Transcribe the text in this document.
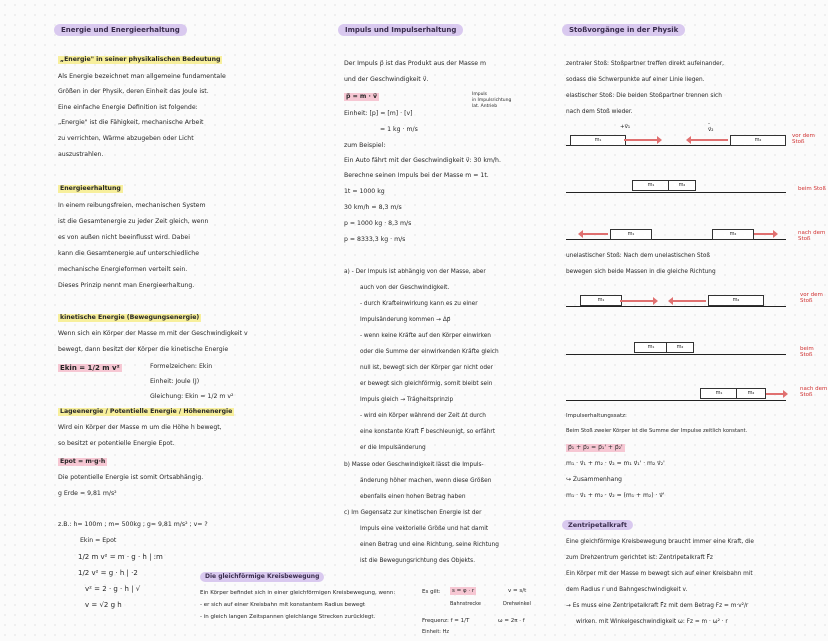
Energie und Energieerhaltung
„Energie" in seiner physikalischen Bedeutung
Als Energie bezeichnet man allgemeine fundamentale
Größen in der Physik, deren Einheit das Joule ist.
Eine einfache Energie Definition ist folgende:
„Energie" ist die Fähigkeit, mechanische Arbeit
zu verrichten, Wärme abzugeben oder Licht
auszustrahlen.
Energieerhaltung
In einem reibungsfreien, mechanischen System
ist die Gesamtenergie zu jeder Zeit gleich, wenn
es von außen nicht beeinflusst wird. Dabei
kann die Gesamtenergie auf unterschiedliche
mechanische Energieformen verteilt sein.
Dieses Prinzip nennt man Energieerhaltung.
kinetische Energie (Bewegungsenergie)
Wenn sich ein Körper der Masse m mit der Geschwindigkeit v
bewegt, dann besitzt der Körper die kinetische Energie
Ekin = 1/2 m v²	Formelzeichen: Ekin
Einheit: Joule (J)
Gleichung: Ekin = 1/2 m v²
Lageenergie / Potentielle Energie / Höhenenergie
Wird ein Körper der Masse m um die Höhe h bewegt,
so besitzt er potentielle Energie Epot.
Epot = m·g·h
Die potentielle Energie ist somit Ortsabhängig.
g Erde = 9,81 m/s²
z.B.: h= 100m ; m= 500kg ; g= 9,81 m/s² ; v= ?
Ekin = Epot
1/2 m v² = m · g · h | :m
1/2 v² = g · h | ·2
v² = 2 · g · h | √
v = √2 g h
Die gleichförmige Kreisbewegung
Ein Körper befindet sich in einer gleichförmigen Kreisbewegung, wenn:
- er sich auf einer Kreisbahn mit konstantem Radius bewegt
- in gleich langen Zeitspannen gleichlange Strecken zurücklegt.
Impuls und Impulserhaltung
Der Impuls p⃗ ist das Produkt aus der Masse m
und der Geschwindigkeit v⃗.
p⃗ = m · v⃗	Impuls
in Impulsrichtung
lat. Antrieb
Einheit: [p] = [m] · [v]
= 1 kg · m/s
zum Beispiel:
Ein Auto fährt mit der Geschwindigkeit v⃗: 30 km/h.
Berechne seinen Impuls bei der Masse m = 1t.
1t = 1000 kg
30 km/h = 8,3 m/s
p = 1000 kg · 8,3 m/s
p = 8333,3 kg · m/s
a) - Der Impuls ist abhängig von der Masse, aber
auch von der Geschwindigkeit.
- durch Krafteinwirkung kann es zu einer
Impulsänderung kommen → Δp⃗
- wenn keine Kräfte auf den Körper einwirken
oder die Summe der einwirkenden Kräfte gleich
null ist, bewegt sich der Körper gar nicht oder
er bewegt sich gleichförmig, somit bleibt sein
Impuls gleich → Trägheitsprinzip
- wird ein Körper während der Zeit Δt durch
eine konstante Kraft F⃗ beschleunigt, so erfährt
er die Impulsänderung
b) Masse oder Geschwindigkeit lässt die Impuls-
änderung höher machen, wenn diese Größen
ebenfalls einen hohen Betrag haben
c) Im Gegensatz zur kinetischen Energie ist der
Impuls eine vektorielle Größe und hat damit
einen Betrag und eine Richtung, seine Richtung
ist die Bewegungsrichtung des Objekts.
Es gilt:	s = φ · r	v = s/t
Bahnstrecke	Drehwinkel
Frequenz: f = 1/T	ω = 2π · f
Einheit: Hz
Stoßvorgänge in der Physik
zentraler Stoß: Stoßpartner treffen direkt aufeinander,
sodass die Schwerpunkte auf einer Linie liegen.
elastischer Stoß: Die beiden Stoßpartner trennen sich
nach dem Stoß wieder.
m₁	m₂
+v⃗₁	- v⃗₂
vor dem Stoß
m₁	m₂
beim Stoß
m₁	m₂	nach dem Stoß
unelastischer Stoß: Nach dem unelastischen Stoß
bewegen sich beide Massen in die gleiche Richtung
m₁	m₂
vor dem Stoß
m₁	m₂	beim Stoß
m₁	m₂
nach dem Stoß
Impulserhaltungssatz:
Beim Stoß zweier Körper ist die Summe der Impulse zeitlich konstant.
p⃗₁ + p⃗₂ = p⃗₁' + p⃗₂'
m₁ · v⃗₁ + m₂ · v⃗₂ = m₁ v⃗₁' · m₂ v⃗₂'
↪ Zusammenhang
m₁ · v⃗₁ + m₂ · v⃗₂ = (m₁ + m₂) · v⃗'
Zentripetalkraft
Eine gleichförmige Kreisbewegung braucht immer eine Kraft, die
zum Drehzentrum gerichtet ist: Zentripetalkraft F⃗z
Ein Körper mit der Masse m bewegt sich auf einer Kreisbahn mit
dem Radius r und Bahngeschwindigkeit v.
→ Es muss eine Zentripetalkraft F⃗z mit dem Betrag Fz = m·v²/r
wirken. mit Winkelgeschwindigkeit ω: Fz = m · ω² · r
